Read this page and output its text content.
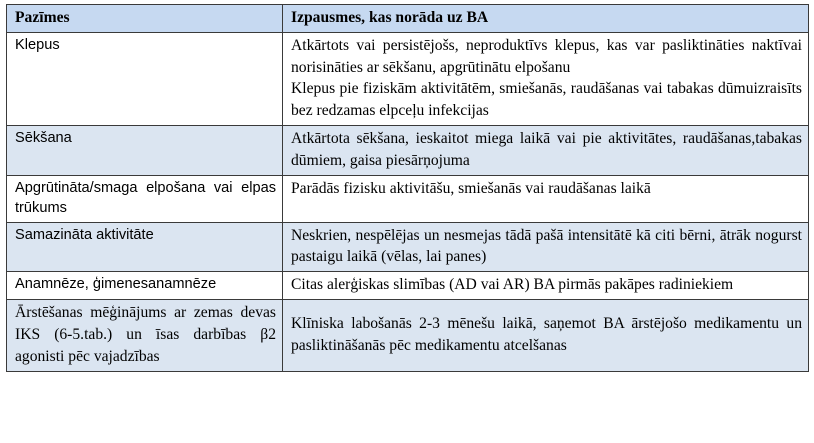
Pazīmes	Izpausmes, kas norāda uz BA
Klepus	Atkārtots vai persistējošs, neproduktīvs klepus, kas var pasliktināties naktīvai norisināties ar sēkšanu, apgrūtinātu elpošanu
Klepus pie fiziskām aktivitātēm, smiešanās, raudāšanas vai tabakas dūmuizraisīts bez redzamas elpceļu infekcijas

Sēkšana	Atkārtota sēkšana, ieskaitot miega laikā vai pie aktivitātes, raudāšanas,tabakas dūmiem, gaisa piesārņojuma

Apgrūtināta/smaga elpošana vai elpas trūkums	Parādās fizisku aktivitāšu, smiešanās vai raudāšanas laikā

Samazināta aktivitāte	Neskrien, nespēlējas un nesmejas tādā pašā intensitātē kā citi bērni, ātrāk nogurst pastaigu laikā (vēlas, lai panes)

Anamnēze, ģimenesanamnēze	Citas alerģiskas slimības (AD vai AR) BA pirmās pakāpes radiniekiem

Ārstēšanas mēģinājums ar zemas devas IKS (6-5.tab.) un īsas darbības β2 agonisti pēc vajadzības	Klīniska labošanās 2-3 mēnešu laikā, saņemot BA ārstējošo medikamentu un pasliktināšanās pēc medikamentu atcelšanas
